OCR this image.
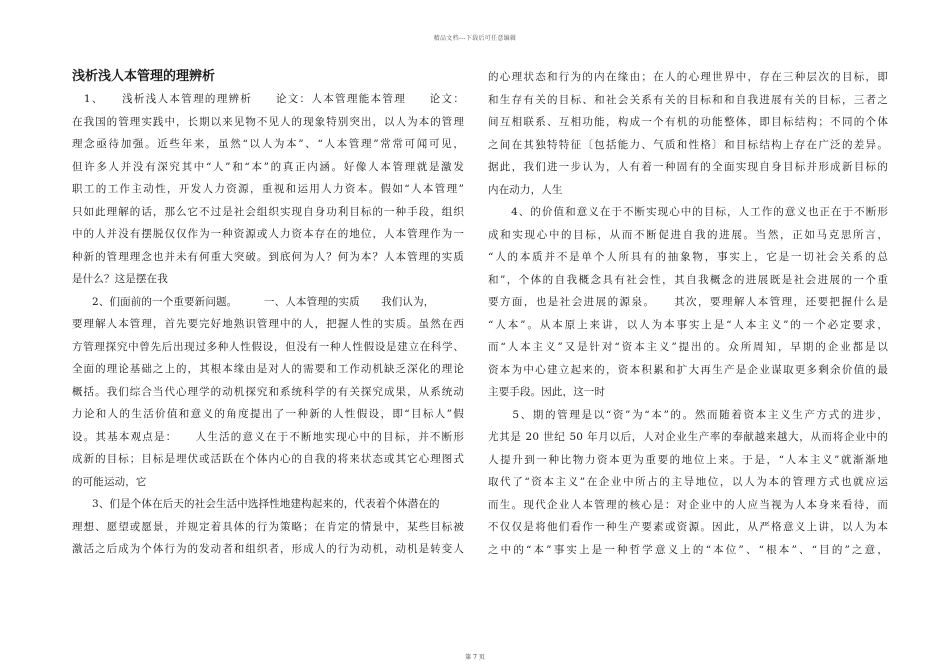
精品文档---下载后可任意编辑
浅析浅人本管理的理辨析

　1、　　浅析浅人本管理的理辨析　　论文：人本管理能本管理　　论文：
在我国的管理实践中，长期以来见物不见人的现象特别突出，以人为本的管理
理念亟待加强。近些年来，虽然“以人为本”、“人本管理”常常可闻可见，
但许多人并没有深究其中“人”和“本”的真正内涵。好像人本管理就是激发
职工的工作主动性，开发人力资源，重视和运用人力资本。假如“人本管理”
只如此理解的话，那么它不过是社会组织实现自身功利目标的一种手段，组织
中的人并没有摆脱仅仅作为一种资源或人力资本存在的地位，人本管理作为一
种新的管理理念也并未有何重大突破。到底何为人？何为本？人本管理的实质
是什么？这是摆在我

2、们面前的一个重要新问题。　　　一、人本管理的实质　　我们认为，
要理解人本管理，首先要完好地熟识管理中的人，把握人性的实质。虽然在西
方管理探究中曾先后出现过多种人性假设，但没有一种人性假设是建立在科学、
全面的理论基础之上的，其根本缘由是对人的需要和工作动机缺乏深化的理论
概括。我们综合当代心理学的动机探究和系统科学的有关探究成果，从系统动
力论和人的生活价值和意义的角度提出了一种新的人性假设，即“目标人”假
设。其基本观点是：　　人生活的意义在于不断地实现心中的目标，并不断形
成新的目标；目标是埋伏或活跃在个体内心的自我的将来状态或其它心理图式
的可能运动，它

3、们是个体在后天的社会生活中选择性地建构起来的，代表着个体潜在的
理想、愿望或愿景，并规定着具体的行为策略；在肯定的情景中，某些目标被
激活之后成为个体行为的发动者和组织者，形成人的行为动机，动机是转变人

的心理状态和行为的内在缘由；在人的心理世界中，存在三种层次的目标，即
和生存有关的目标、和社会关系有关的目标和和自我进展有关的目标，三者之
间互相联系、互相功能，构成一个有机的功能整体，即目标结构；不同的个体
之间在其独特特征〔包括能力、气质和性格〕和目标结构上存在广泛的差异。
据此，我们进一步认为，人有着一种固有的全面实现自身目标并形成新目标的
内在动力，人生

　　4、的价值和意义在于不断实现心中的目标，人工作的意义也正在于不断形
成和实现心中的目标，从而不断促进自我的进展。当然，正如马克思所言，
“人的本质并不是单个人所具有的抽象物，事实上，它是一切社会关系的总
和”，个体的自我概念具有社会性，其自我概念的进展既是社会进展的一个重
要方面，也是社会进展的源泉。　　其次，要理解人本管理，还要把握什么是
“人本”。从本原上来讲，以人为本事实上是“人本主义”的一个必定要求，
而“人本主义”又是针对“资本主义”提出的。众所周知，早期的企业都是以
资本为中心建立起来的，资本积累和扩大再生产是企业谋取更多剩余价值的最
主要手段。因此，这一时

　　5、期的管理是以“资”为“本”的。然而随着资本主义生产方式的进步，
尤其是 20 世纪 50 年月以后，人对企业生产率的奉献越来越大，从而将企业中的
人提升到一种比物力资本更为重要的地位上来。于是，“人本主义”就渐渐地
取代了“资本主义”在企业中所占的主导地位，以人为本的管理方式也就应运
而生。现代企业人本管理的核心是：对企业中的人应当视为人本身来看待，而
不仅仅是将他们看作一种生产要素或资源。因此，从严格意义上讲，以人为本
之中的“本”事实上是一种哲学意义上的“本位”、“根本”、“目的”之意，

第 7 页
